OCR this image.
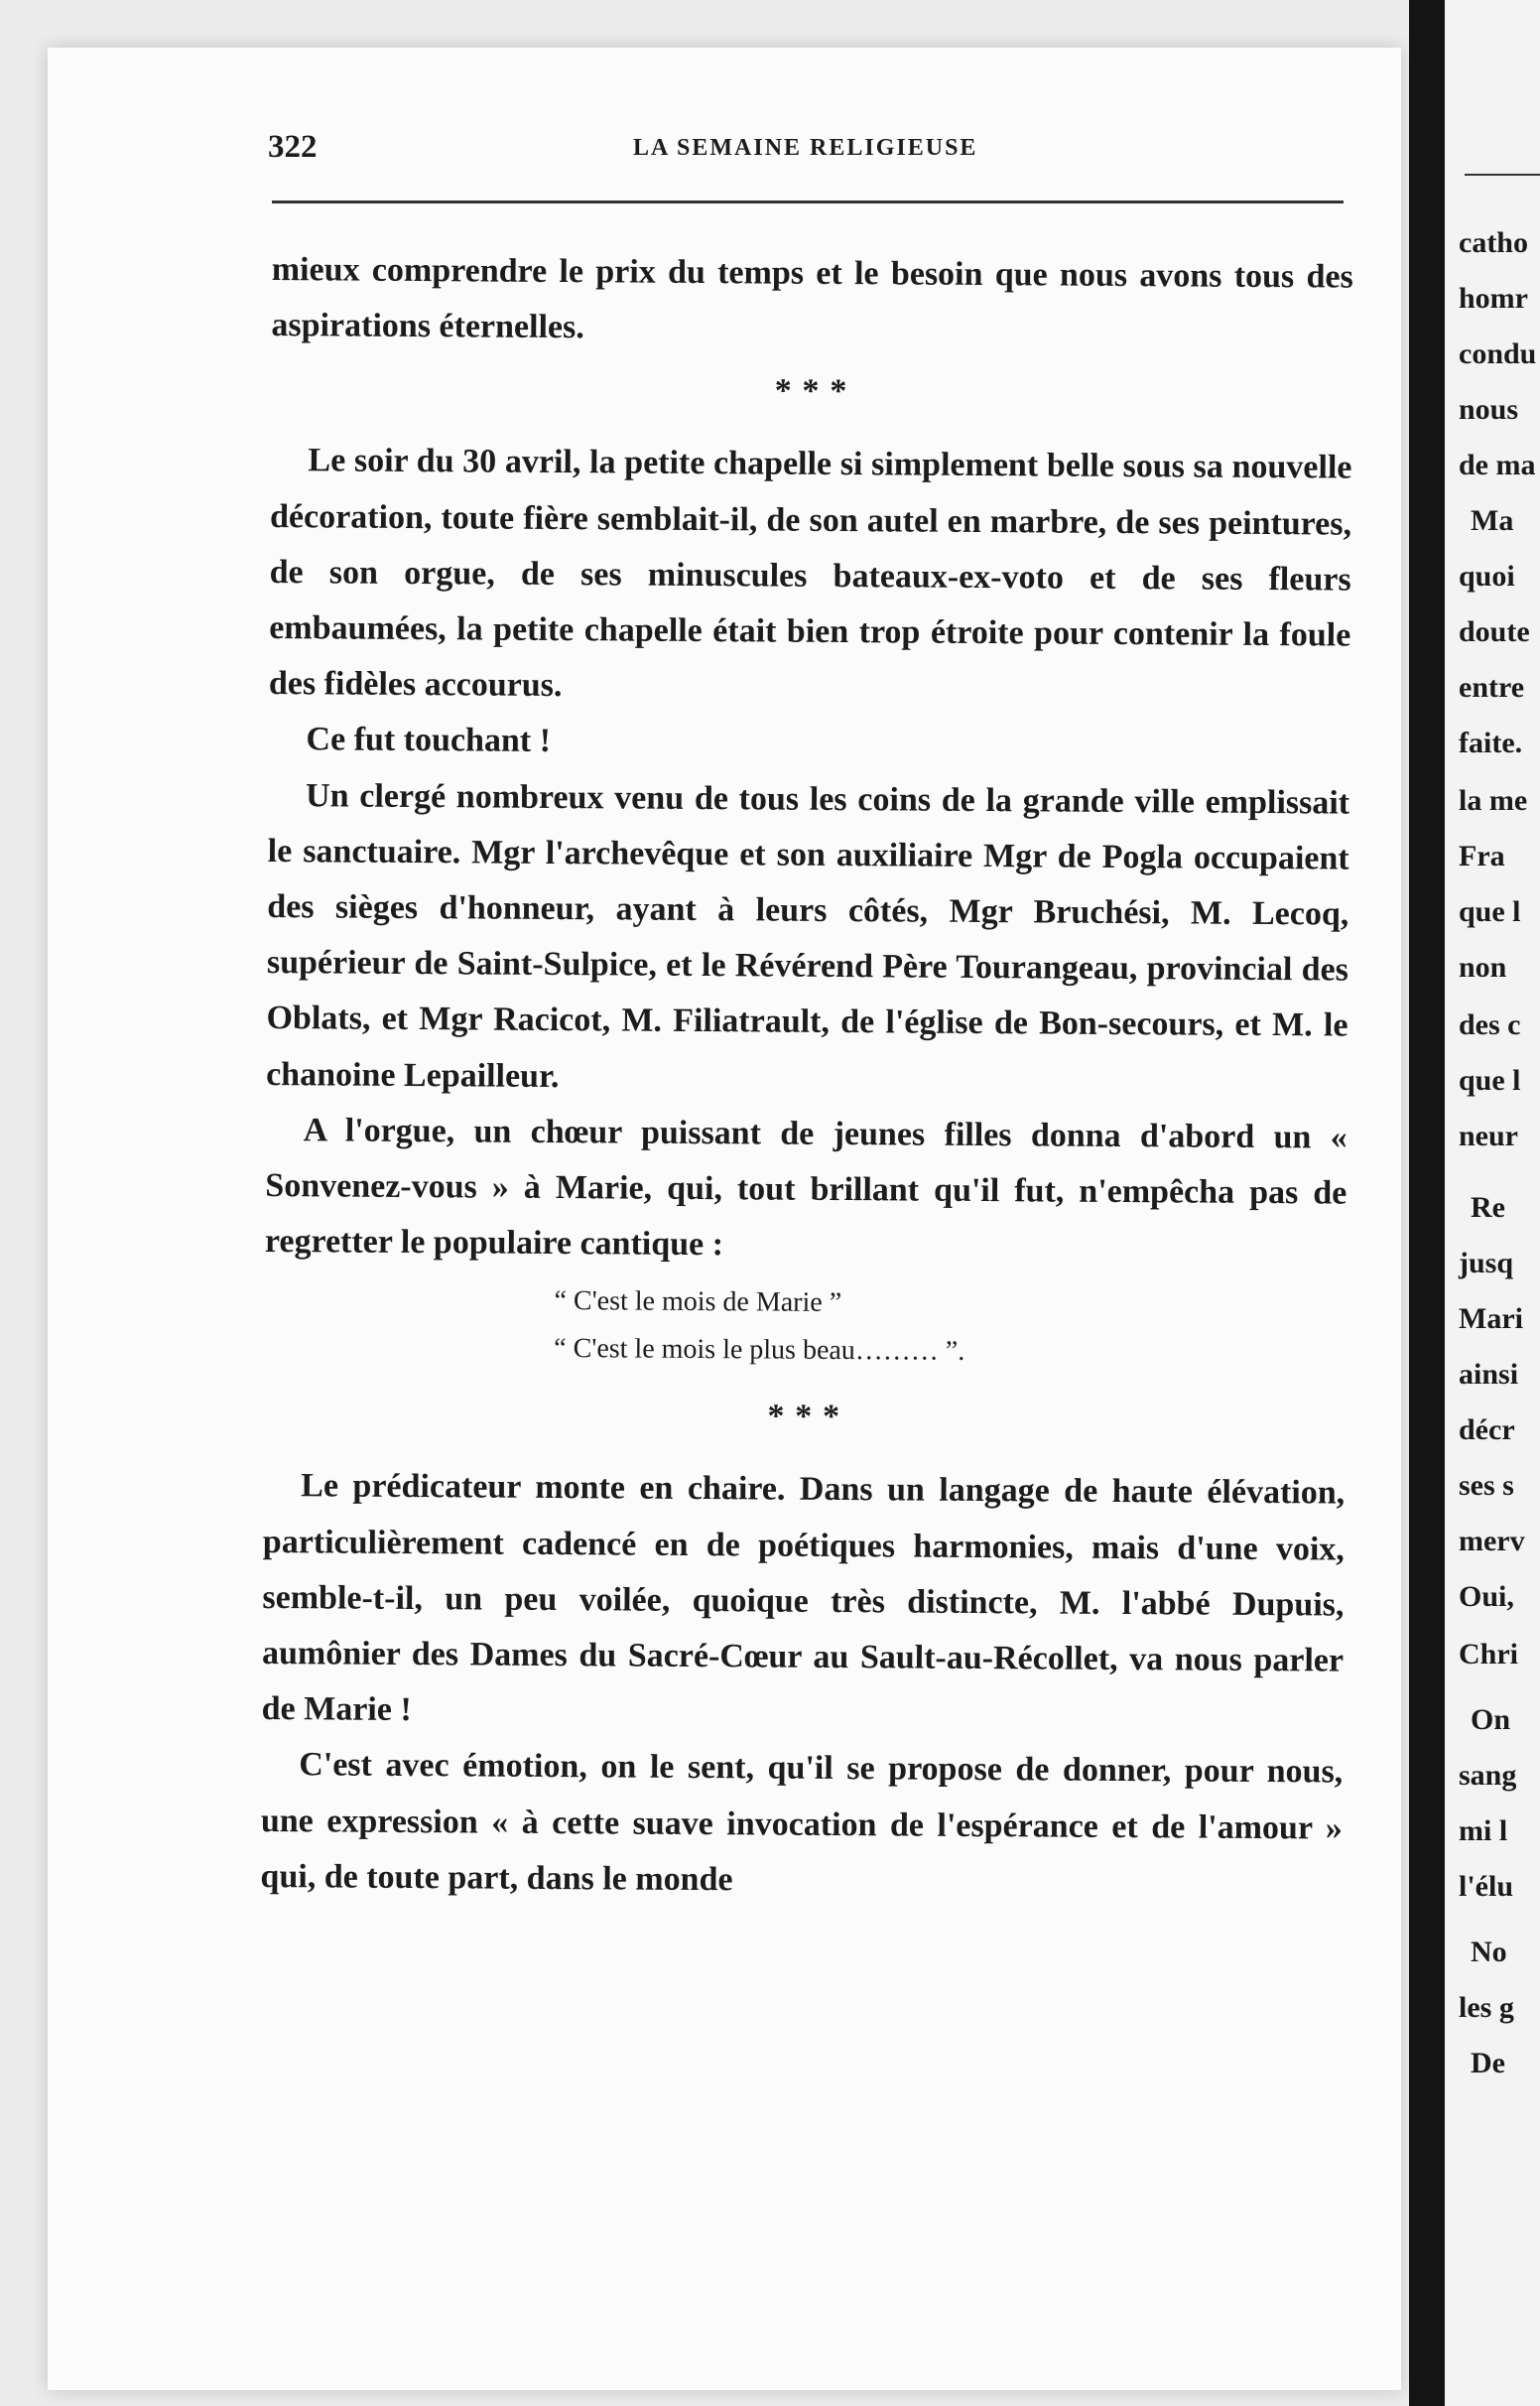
322	LA SEMAINE RELIGIEUSE

mieux comprendre le prix du temps et le besoin que nous avons tous des aspirations éternelles.

* * *

Le soir du 30 avril, la petite chapelle si simplement belle sous sa nouvelle décoration, toute fière semblait-il, de son autel en marbre, de ses peintures, de son orgue, de ses minuscules bateaux-ex-voto et de ses fleurs embaumées, la petite chapelle était bien trop étroite pour contenir la foule des fidèles accourus.

Ce fut touchant !

Un clergé nombreux venu de tous les coins de la grande ville emplissait le sanctuaire. Mgr l'archevêque et son auxiliaire Mgr de Pogla occupaient des sièges d'honneur, ayant à leurs côtés, Mgr Bruchési, M. Lecoq, supérieur de Saint-Sulpice, et le Révérend Père Tourangeau, provincial des Oblats, et Mgr Racicot, M. Filiatrault, de l'église de Bon-secours, et M. le chanoine Lepailleur.

A l'orgue, un chœur puissant de jeunes filles donna d'abord un « Sonvenez-vous » à Marie, qui, tout brillant qu'il fut, n'empêcha pas de regretter le populaire cantique :

“ C'est le mois de Marie ”
“ C'est le mois le plus beau……… ”.
* * *

Le prédicateur monte en chaire. Dans un langage de haute élévation, particulièrement cadencé en de poétiques harmonies, mais d'une voix, semble-t-il, un peu voilée, quoique très distincte, M. l'abbé Dupuis, aumônier des Dames du Sacré-Cœur au Sault-au-Récollet, va nous parler de Marie !

C'est avec émotion, on le sent, qu'il se propose de donner, pour nous, une expression « à cette suave invocation de l'espérance et de l'amour » qui, de toute part, dans le monde

catho
homr
condu
nous
de ma
Ma
quoi
doute
entre
faite.
la me
Fra
que l
non
des c
que l
neur
Re
jusq
Mari
ainsi
décr
ses s
merv
Oui,
Chri
On
sang
mi l
l'élu
No
les g
De
